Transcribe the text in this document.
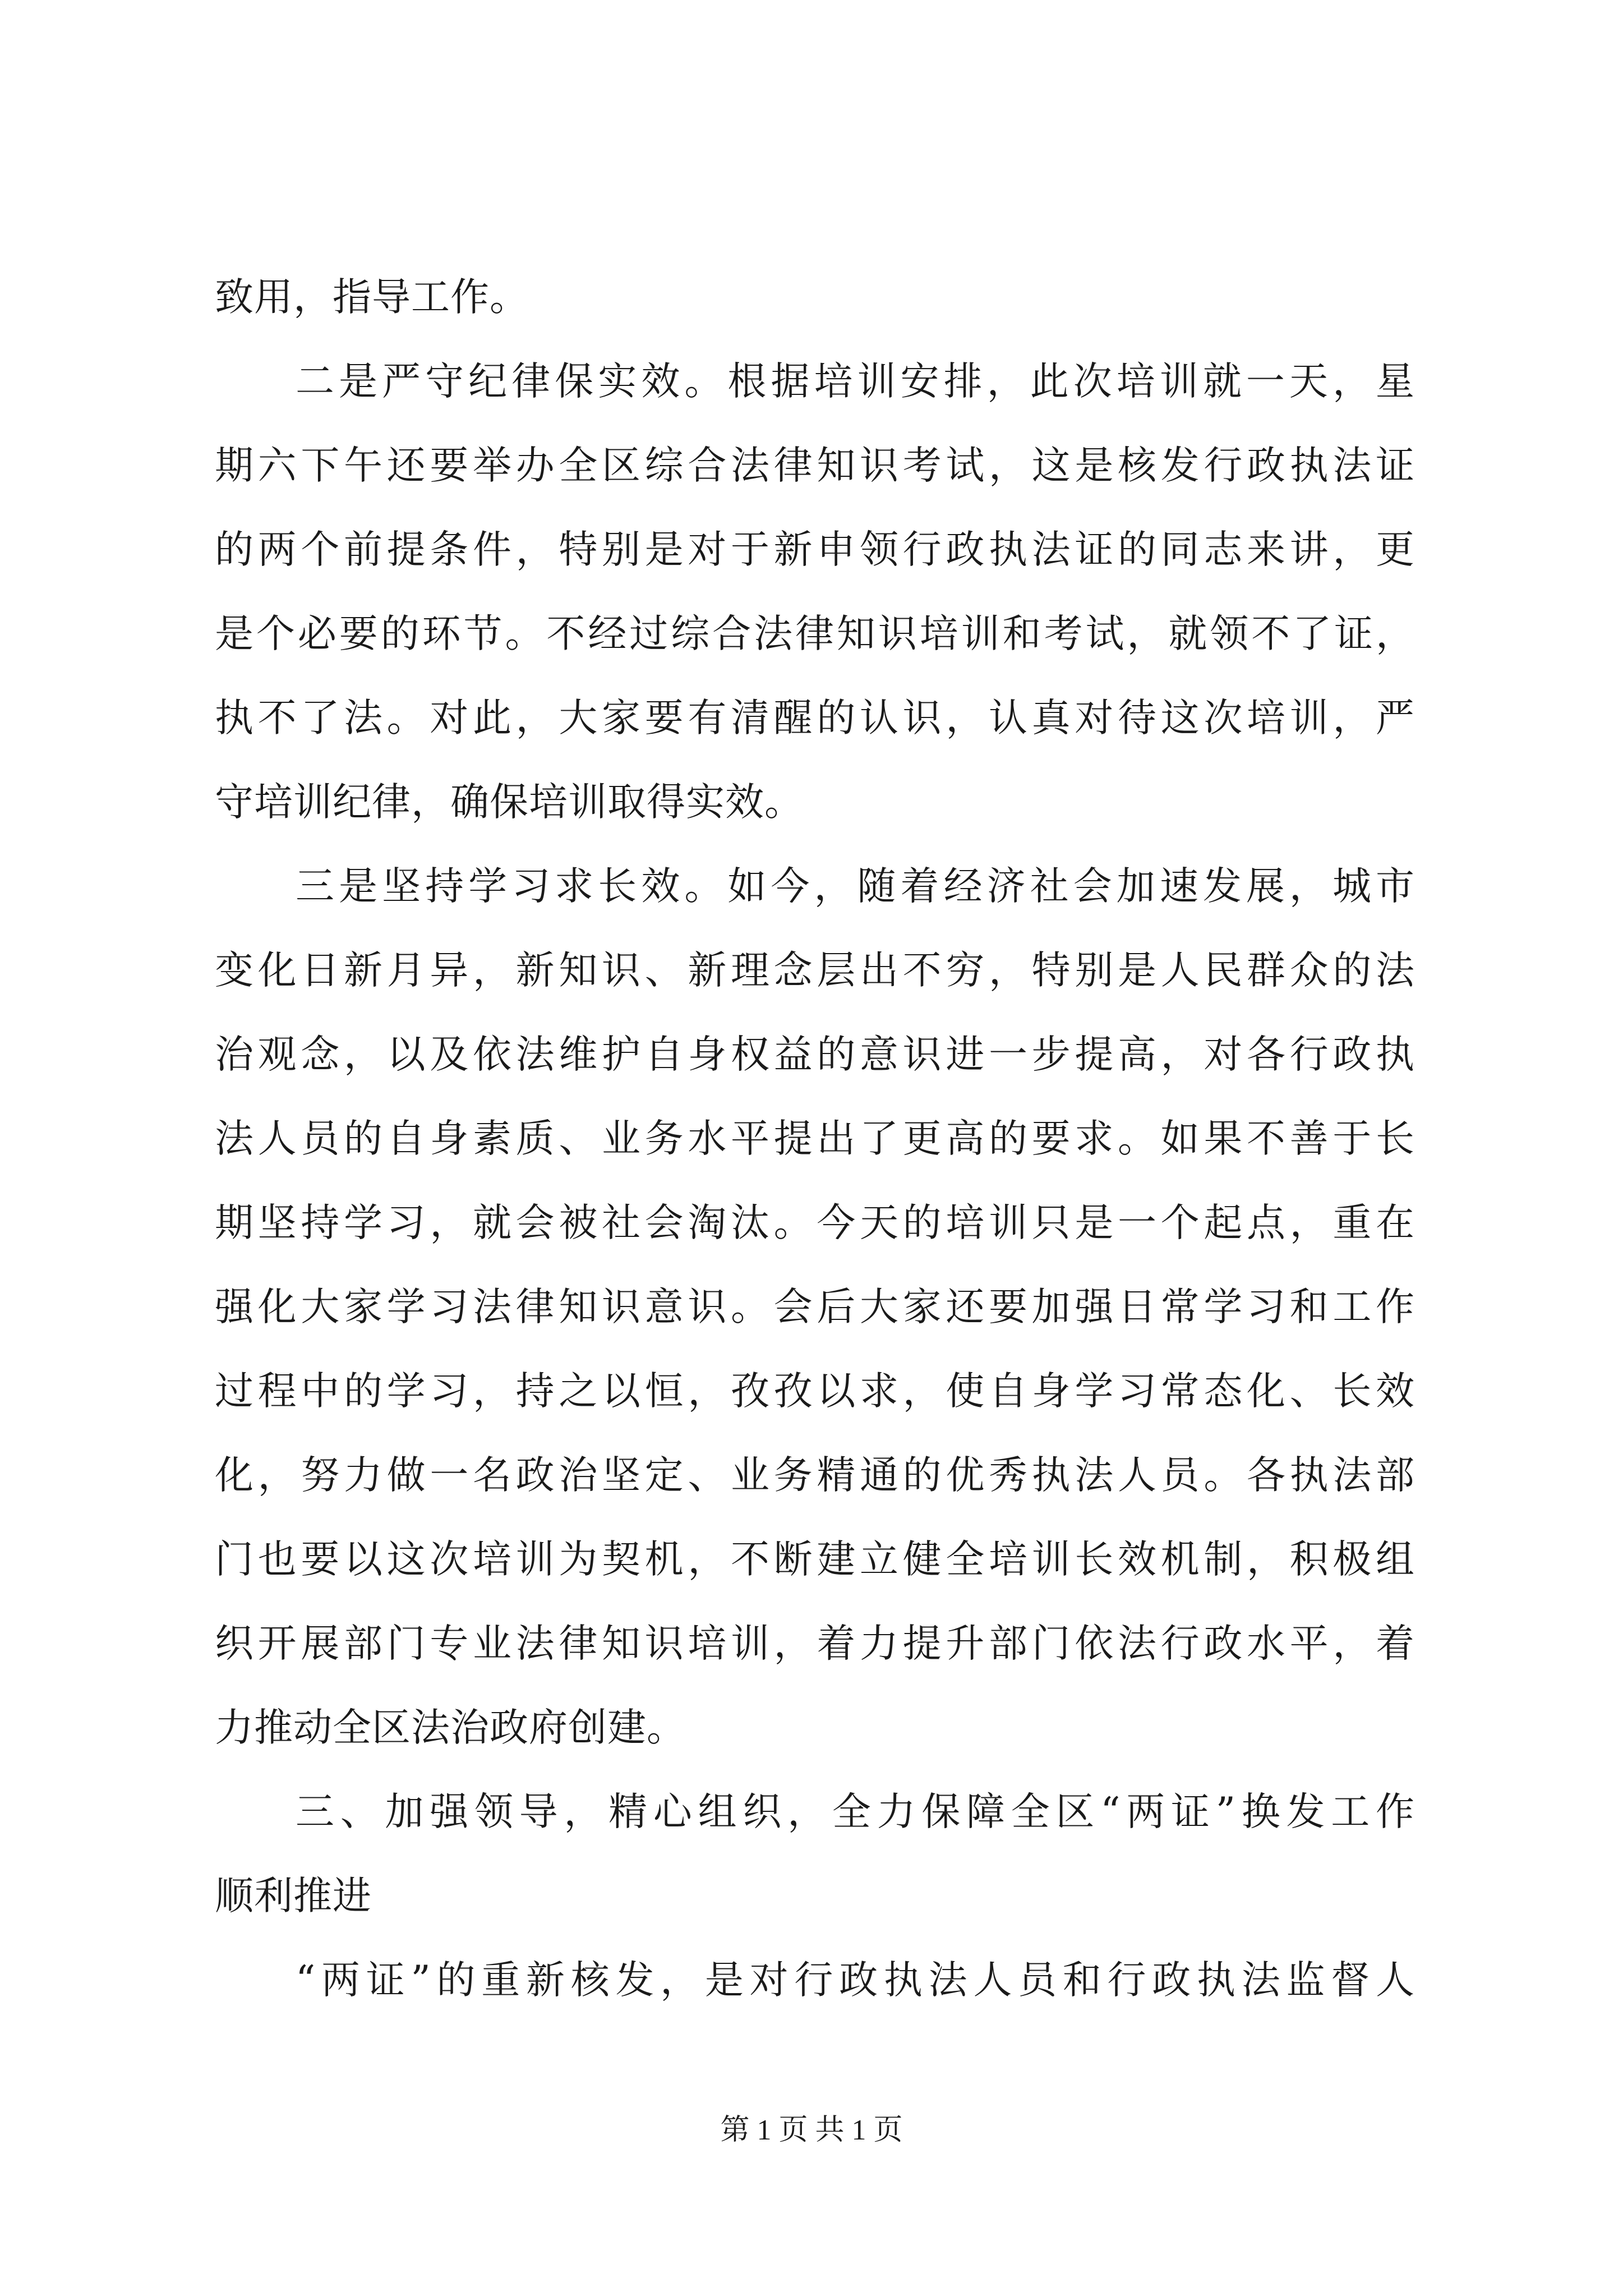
致用，指导工作。
二是严守纪律保实效。根据培训安排，此次培训就一天，星
期六下午还要举办全区综合法律知识考试，这是核发行政执法证
的两个前提条件，特别是对于新申领行政执法证的同志来讲，更
是个必要的环节。不经过综合法律知识培训和考试，就领不了证，
执不了法。对此，大家要有清醒的认识，认真对待这次培训，严
守培训纪律，确保培训取得实效。
三是坚持学习求长效。如今，随着经济社会加速发展，城市
变化日新月异，新知识、新理念层出不穷，特别是人民群众的法
治观念，以及依法维护自身权益的意识进一步提高，对各行政执
法人员的自身素质、业务水平提出了更高的要求。如果不善于长
期坚持学习，就会被社会淘汰。今天的培训只是一个起点，重在
强化大家学习法律知识意识。会后大家还要加强日常学习和工作
过程中的学习，持之以恒，孜孜以求，使自身学习常态化、长效
化，努力做一名政治坚定、业务精通的优秀执法人员。各执法部
门也要以这次培训为契机，不断建立健全培训长效机制，积极组
织开展部门专业法律知识培训，着力提升部门依法行政水平，着
力推动全区法治政府创建。
三、加强领导，精心组织，全力保障全区“两证”换发工作
顺利推进
“两证”的重新核发，是对行政执法人员和行政执法监督人
第 1 页 共 1 页
